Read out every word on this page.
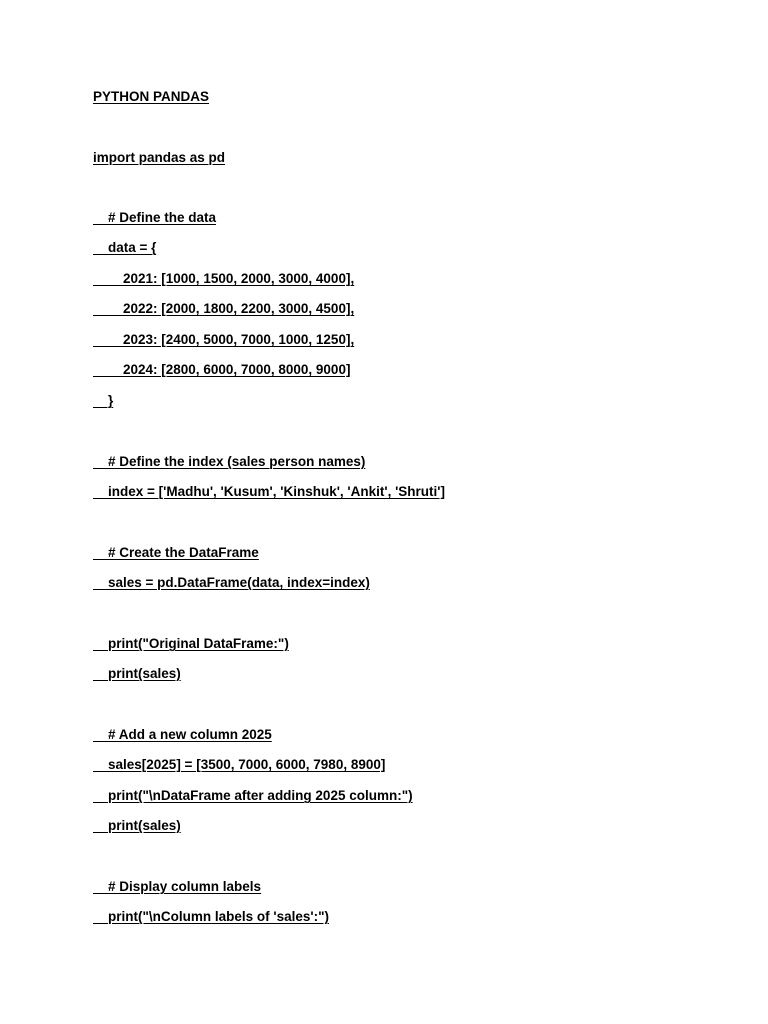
PYTHON PANDAS
import pandas as pd
# Define the data
data = {
2021: [1000, 1500, 2000, 3000, 4000],
2022: [2000, 1800, 2200, 3000, 4500],
2023: [2400, 5000, 7000, 1000, 1250],
2024: [2800, 6000, 7000, 8000, 9000]
}
# Define the index (sales person names)
index = ['Madhu', 'Kusum', 'Kinshuk', 'Ankit', 'Shruti']
# Create the DataFrame
sales = pd.DataFrame(data, index=index)
print("Original DataFrame:")
print(sales)
# Add a new column 2025
sales[2025] = [3500, 7000, 6000, 7980, 8900]
print("\nDataFrame after adding 2025 column:")
print(sales)
# Display column labels
print("\nColumn labels of 'sales':")
